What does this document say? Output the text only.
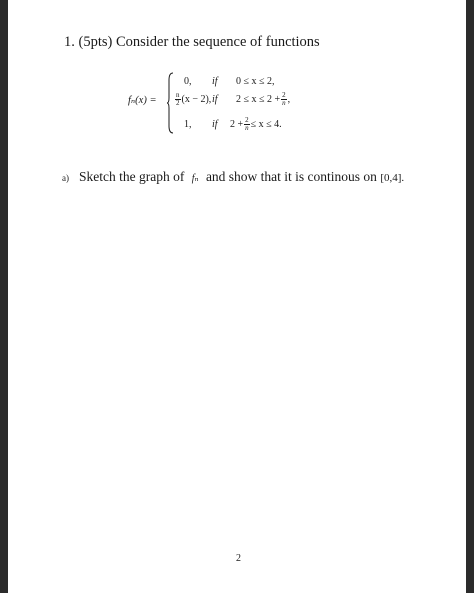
1. (5pts) Consider the sequence of functions
fₙ(x) =
0, if 0 ≤ x ≤ 2,
$\frac{n}{2} (x - 2)$, if $2 \le x \le 2 + \frac{2}{n}$ ,
1, if $2 + \frac{2}{n} \le x \le 4$.
a) Sketch the graph of fₙ and show that it is continous on [0,4].
2
